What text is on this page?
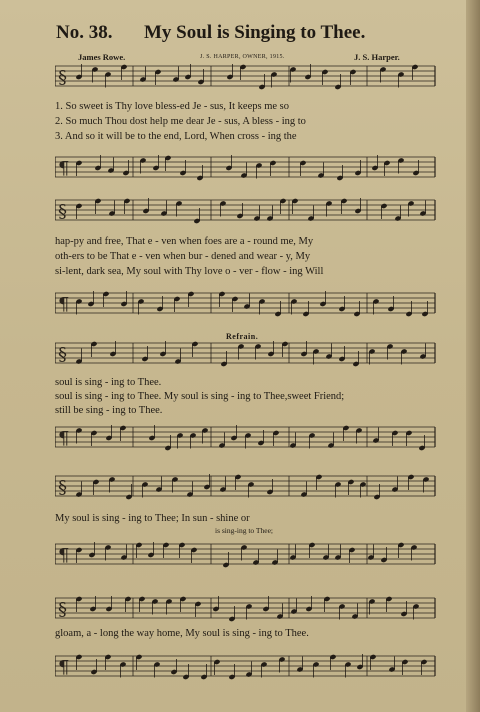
No. 38. My Soul is Singing to Thee.
James Rowe.	J. S. HARPER, OWNER, 1915.	J. S. Harper.
§
1. So sweet is Thy love bless-ed Je - sus, It keeps me so
2. So much Thou dost help me dear Je - sus, A bless - ing to
3. And so it will be to the end, Lord, When cross - ing the
¶
§
hap-py and free, That e - ven when foes are a - round me, My
oth-ers to be That e - ven when bur - dened and wear - y, My
si-lent, dark sea, My soul with Thy love o - ver - flow - ing Will
¶
Refrain.
§
soul is sing - ing to Thee.
soul is sing - ing to Thee. My soul is sing - ing to Thee,sweet Friend;
still be sing - ing to Thee.
¶
§
My soul is sing - ing to Thee; In sun - shine or
is sing-ing to Thee;
¶
§
gloam, a - long the way home, My soul is sing - ing to Thee.
¶
